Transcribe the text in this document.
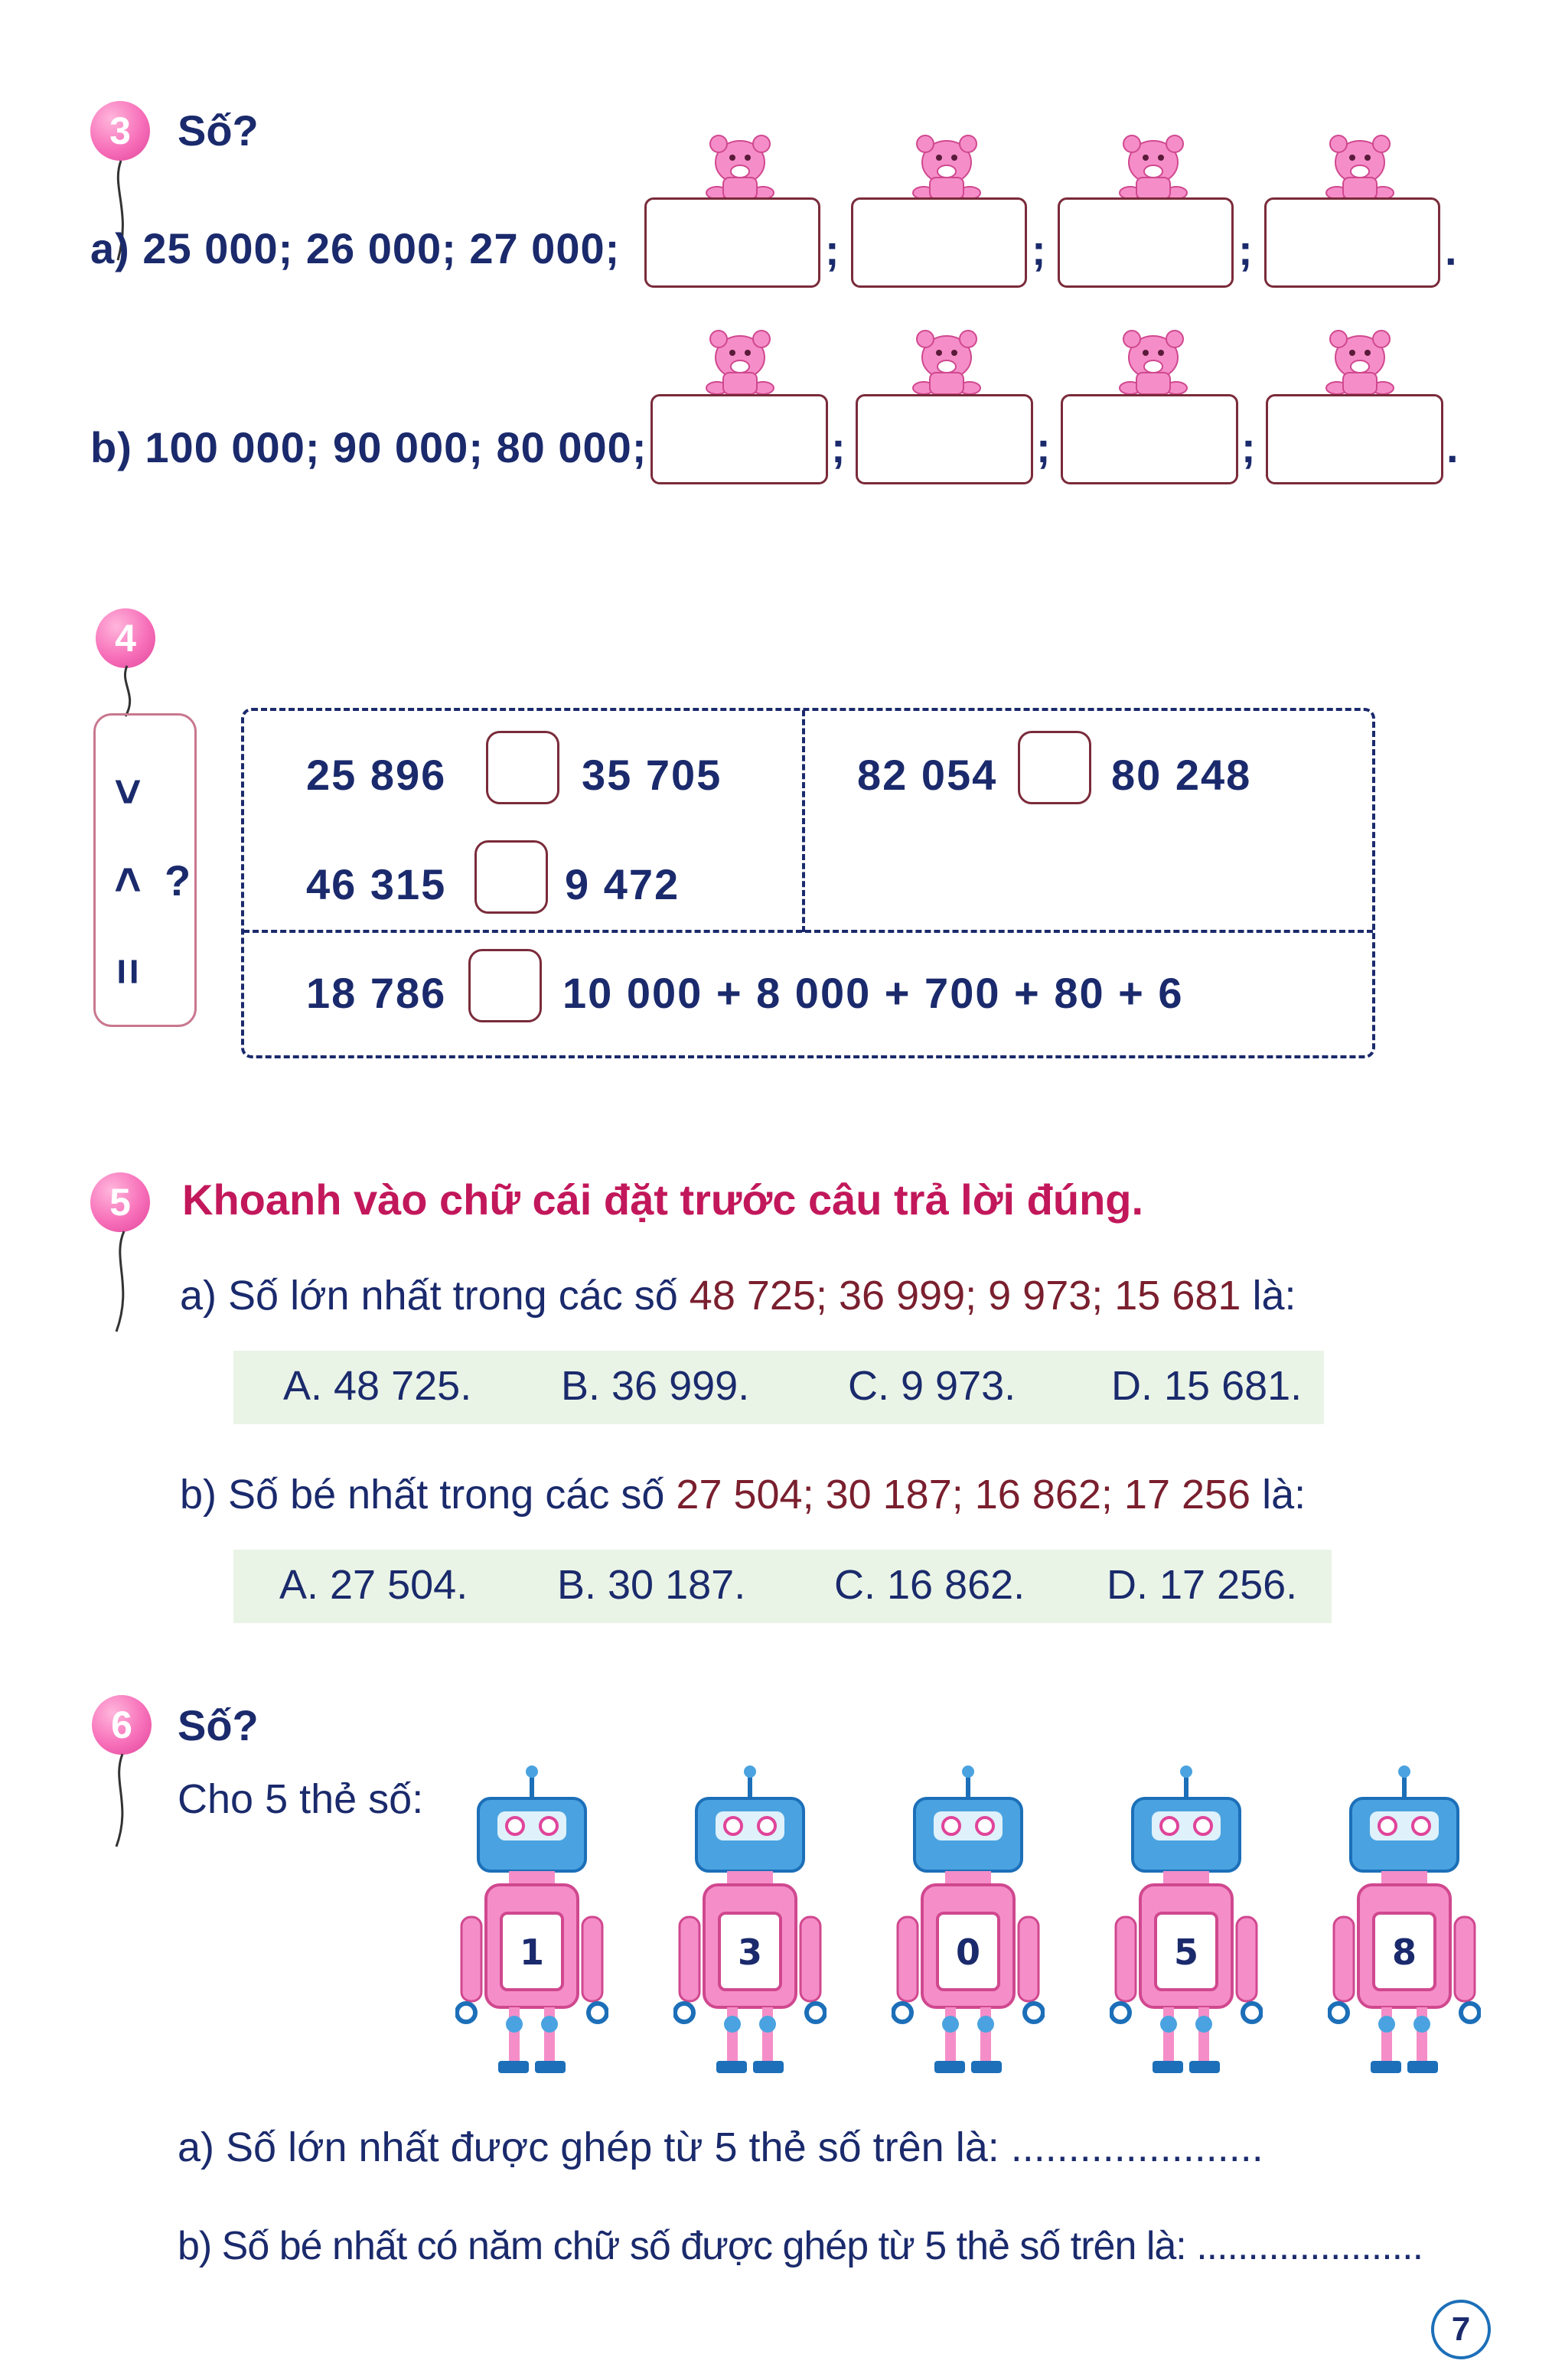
3	Số?
a) 25 000; 26 000; 27 000;	;	;	;	.
b) 100 000; 90 000; 80 000;	;	;	;	.
4
>
< ?
=
25 896	35 705	82 054	80 248
46 315	9 472
18 786	10 000 + 8 000 + 700 + 80 + 6
5	Khoanh vào chữ cái đặt trước câu trả lời đúng.
a) Số lớn nhất trong các số 48 725; 36 999; 9 973; 15 681 là:
A. 48 725. B. 36 999. C. 9 973. D. 15 681.
b) Số bé nhất trong các số 27 504; 30 187; 16 862; 17 256 là:
A. 27 504. B. 30 187. C. 16 862. D. 17 256.
6	Số?
Cho 5 thẻ số:
1	3	0	5	8
a) Số lớn nhất được ghép từ 5 thẻ số trên là: ......................
b) Số bé nhất có năm chữ số được ghép từ 5 thẻ số trên là: ......................
7
